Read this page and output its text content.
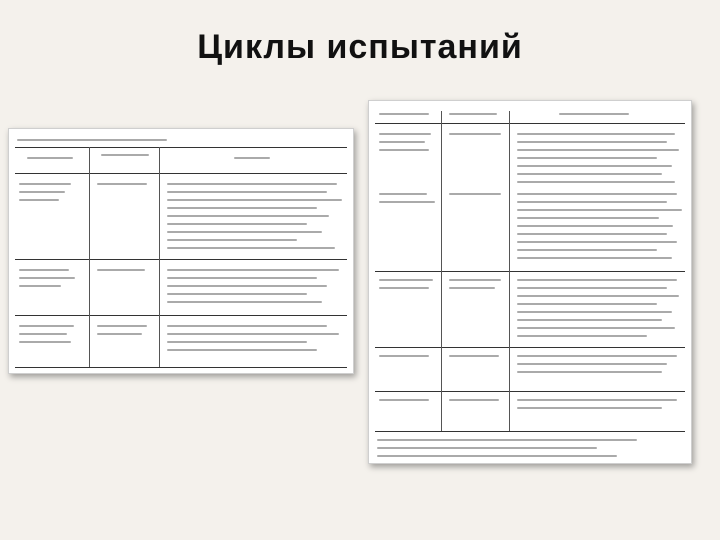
Циклы испытаний
